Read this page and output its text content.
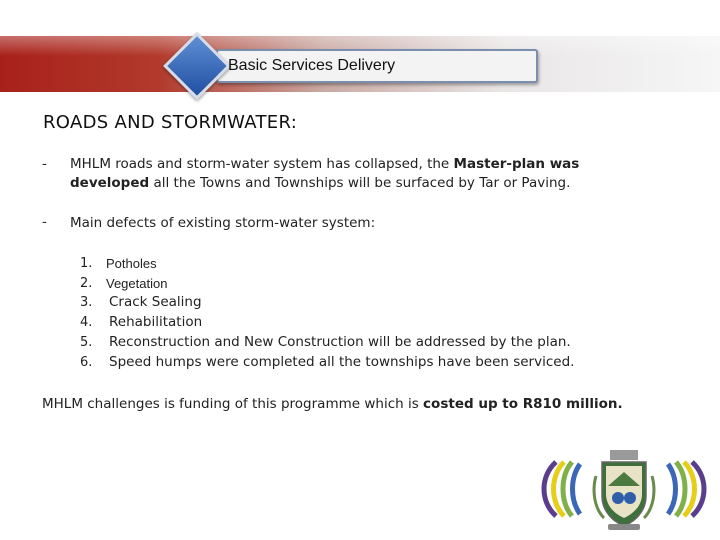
Basic Services Delivery
ROADS AND STORMWATER:
- MHLM roads and storm-water system has collapsed, the Master-plan was
developed all the Towns and Townships will be surfaced by Tar or Paving.
- Main defects of existing storm-water system:
1. Potholes
2. Vegetation
3. Crack Sealing
4. Rehabilitation
5. Reconstruction and New Construction will be addressed by the plan.
6. Speed humps were completed all the townships have been serviced.
MHLM challenges is funding of this programme which is costed up to R810 million.
